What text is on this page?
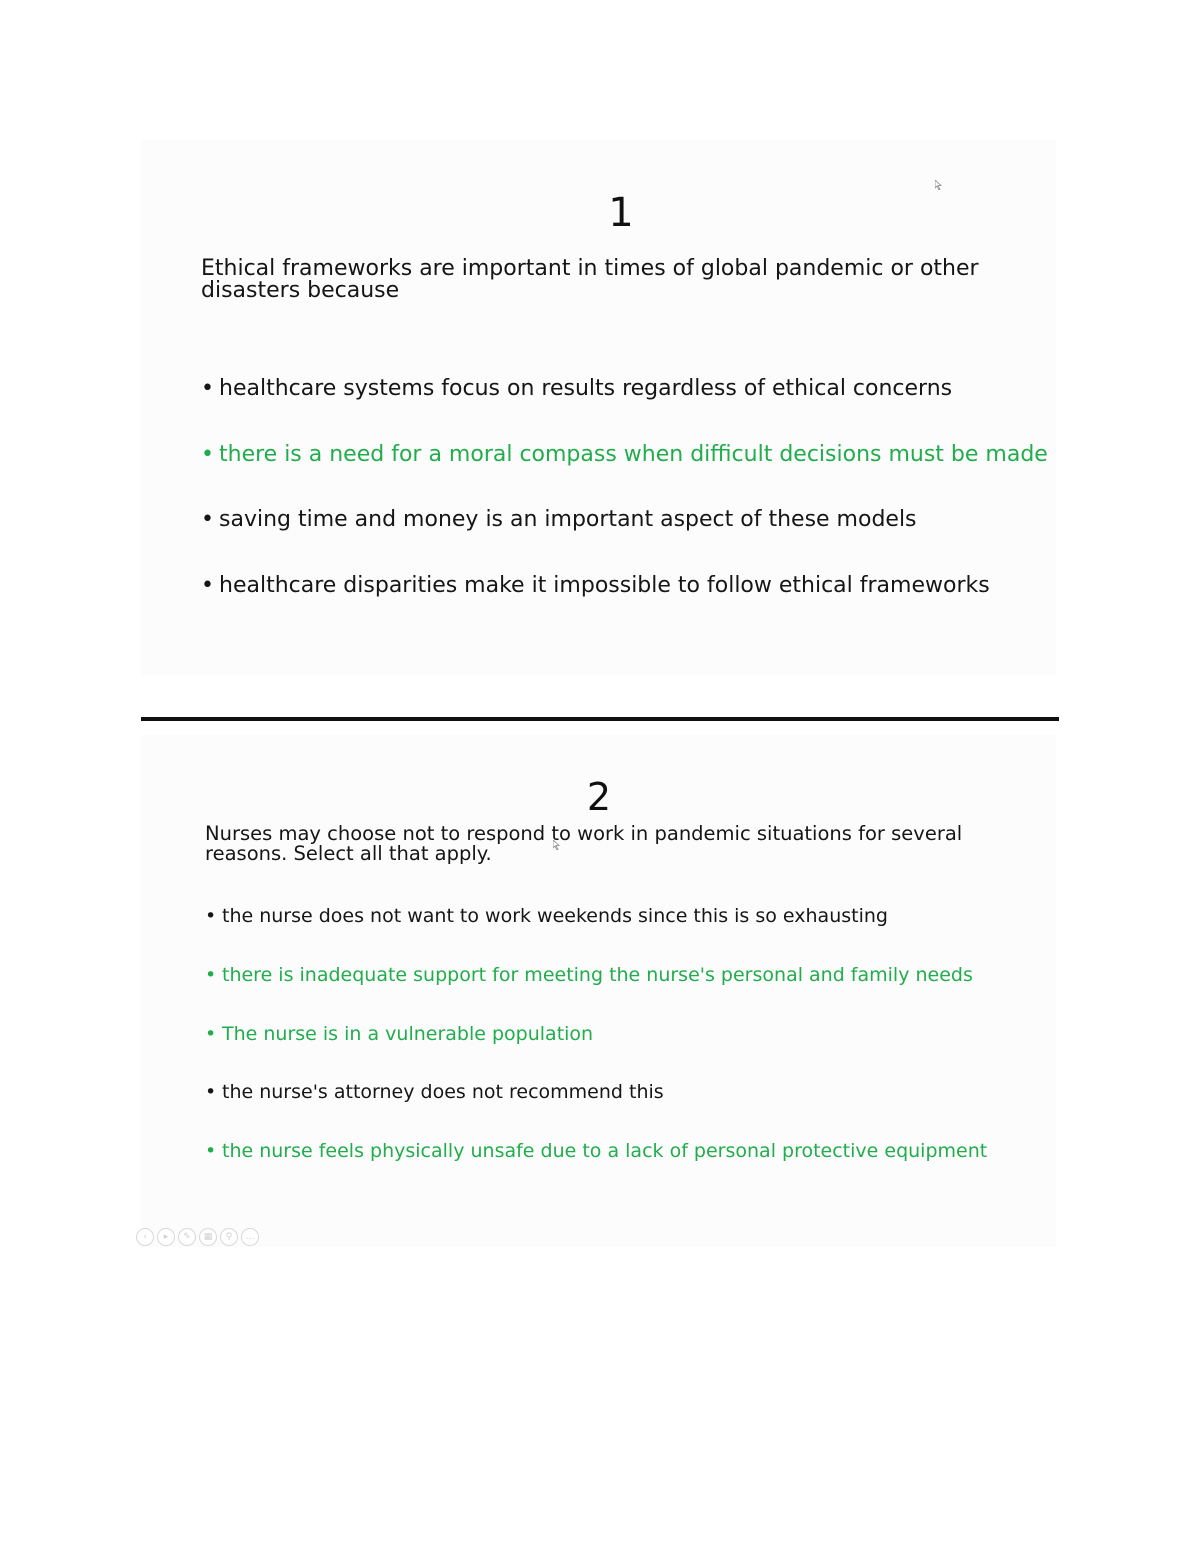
1

Ethical frameworks are important in times of global pandemic or other disasters because

• healthcare systems focus on results regardless of ethical concerns
• there is a need for a moral compass when difficult decisions must be made
• saving time and money is an important aspect of these models
• healthcare disparities make it impossible to follow ethical frameworks
2

Nurses may choose not to respond to work in pandemic situations for several reasons. Select all that apply.

• the nurse does not want to work weekends since this is so exhausting
• there is inadequate support for meeting the nurse's personal and family needs
• The nurse is in a vulnerable population
• the nurse's attorney does not recommend this
• the nurse feels physically unsafe due to a lack of personal protective equipment
‹	▸	✎	▦	⚲	…
